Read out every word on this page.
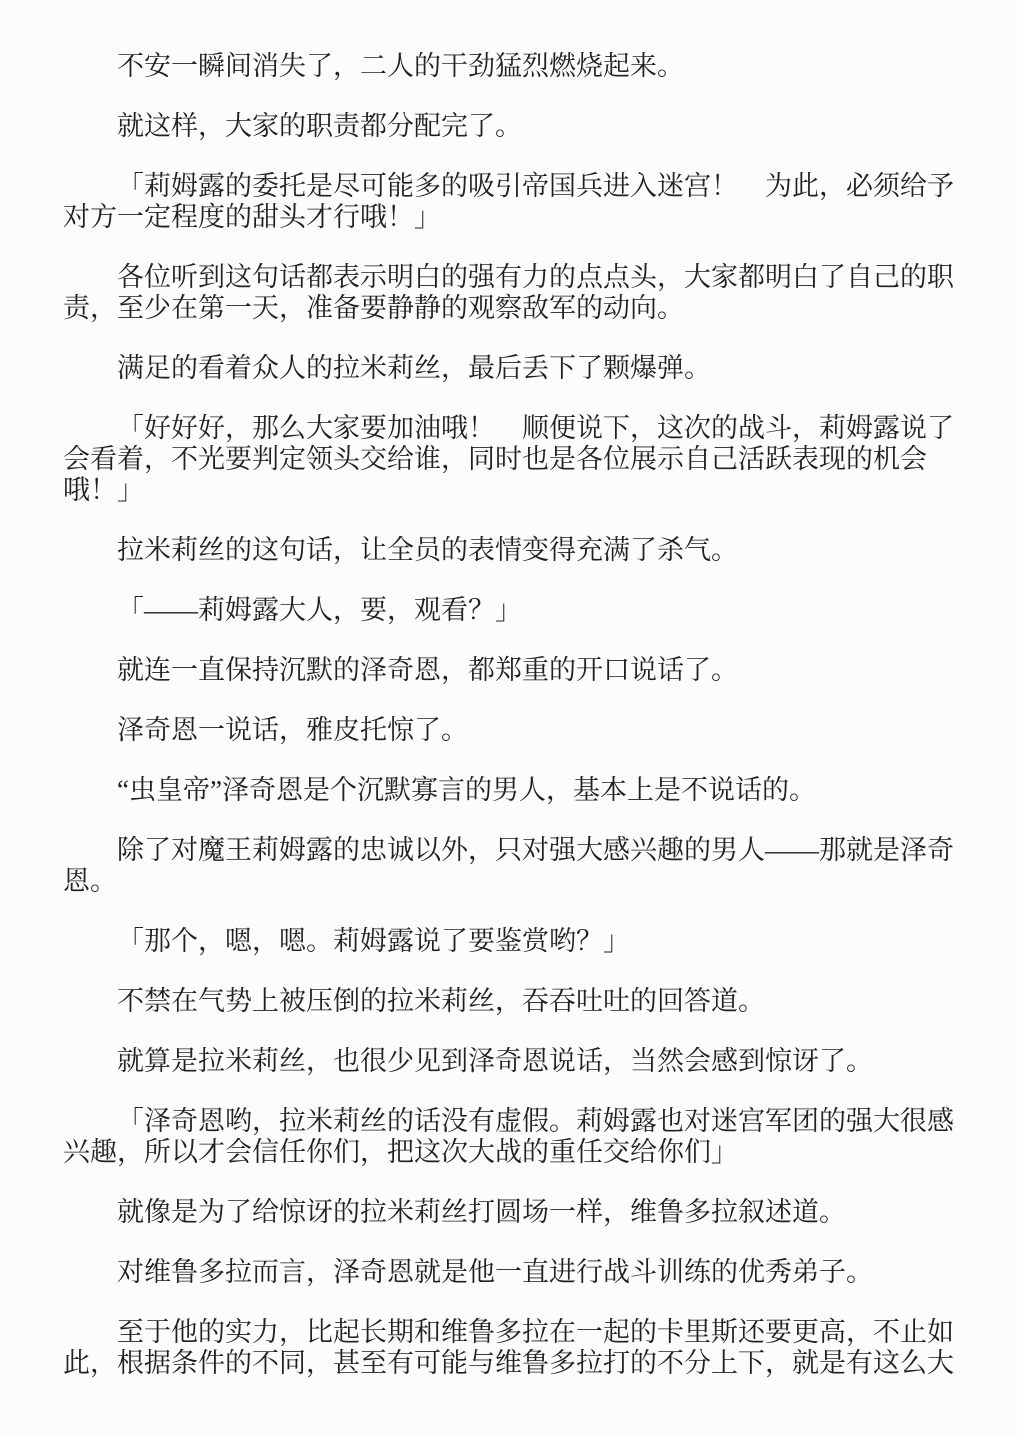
不安一瞬间消失了，二人的干劲猛烈燃烧起来。

就这样，大家的职责都分配完了。

「莉姆露的委托是尽可能多的吸引帝国兵进入迷宫！　为此，必须给予
对方一定程度的甜头才行哦！」

各位听到这句话都表示明白的强有力的点点头，大家都明白了自己的职
责，至少在第一天，准备要静静的观察敌军的动向。

满足的看着众人的拉米莉丝，最后丢下了颗爆弹。

「好好好，那么大家要加油哦！　顺便说下，这次的战斗，莉姆露说了
会看着，不光要判定领头交给谁，同时也是各位展示自己活跃表现的机会
哦！」

拉米莉丝的这句话，让全员的表情变得充满了杀气。

「——莉姆露大人，要，观看？」

就连一直保持沉默的泽奇恩，都郑重的开口说话了。

泽奇恩一说话，雅皮托惊了。

“虫皇帝”泽奇恩是个沉默寡言的男人，基本上是不说话的。

除了对魔王莉姆露的忠诚以外，只对强大感兴趣的男人——那就是泽奇
恩。

「那个，嗯，嗯。莉姆露说了要鉴赏哟？」

不禁在气势上被压倒的拉米莉丝，吞吞吐吐的回答道。

就算是拉米莉丝，也很少见到泽奇恩说话，当然会感到惊讶了。

「泽奇恩哟，拉米莉丝的话没有虚假。莉姆露也对迷宫军团的强大很感
兴趣，所以才会信任你们，把这次大战的重任交给你们」

就像是为了给惊讶的拉米莉丝打圆场一样，维鲁多拉叙述道。

对维鲁多拉而言，泽奇恩就是他一直进行战斗训练的优秀弟子。

至于他的实力，比起长期和维鲁多拉在一起的卡里斯还要更高，不止如
此，根据条件的不同，甚至有可能与维鲁多拉打的不分上下，就是有这么大
